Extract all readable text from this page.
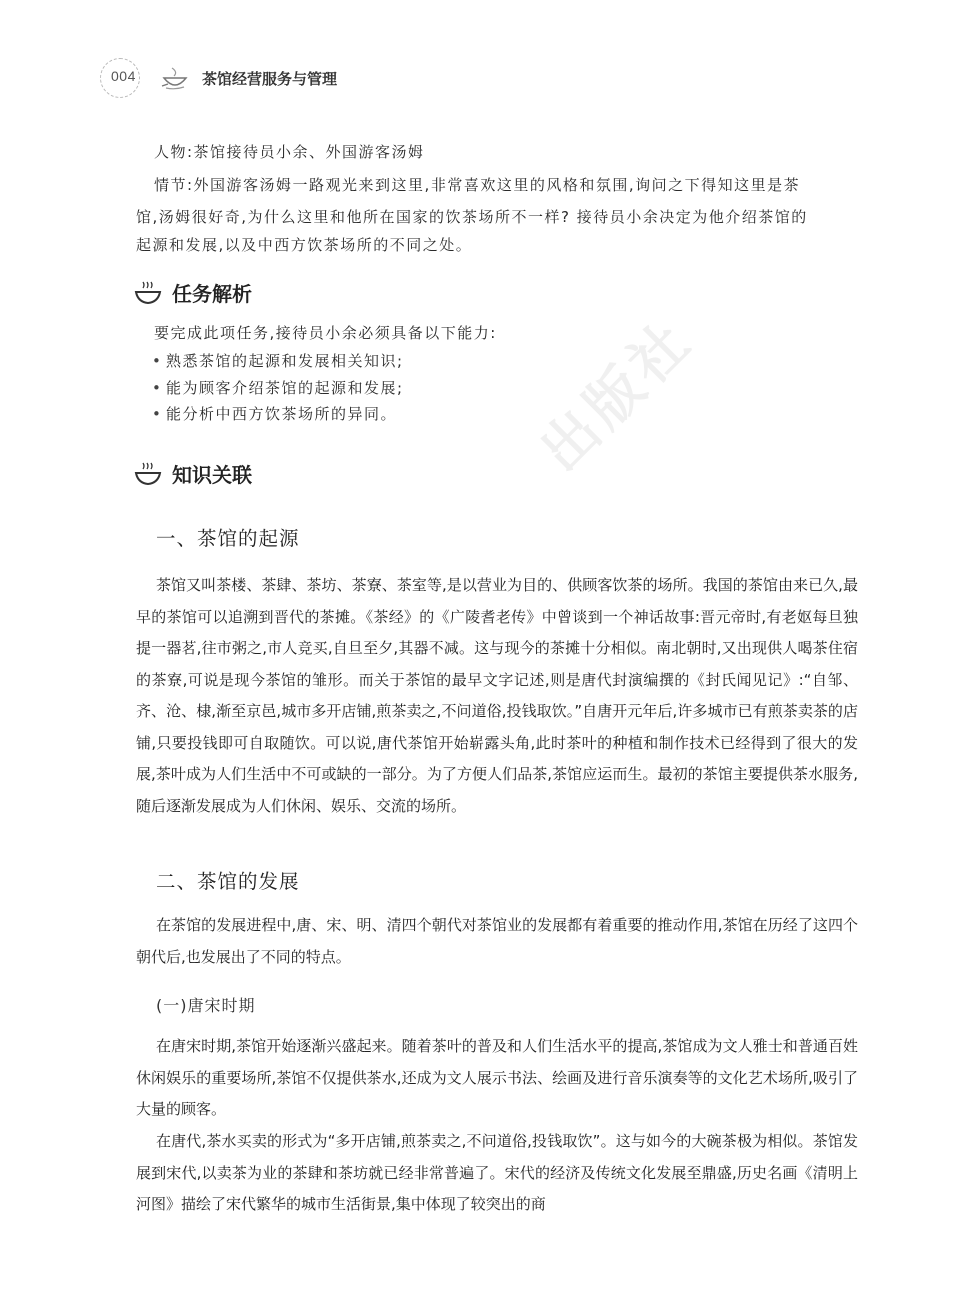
004	茶馆经营服务与管理
出版社

人物:茶馆接待员小余、外国游客汤姆

情节:外国游客汤姆一路观光来到这里,非常喜欢这里的风格和氛围,询问之下得知这里是茶

馆,汤姆很好奇,为什么这里和他所在国家的饮茶场所不一样? 接待员小余决定为他介绍茶馆的

起源和发展,以及中西方饮茶场所的不同之处。

任务解析

要完成此项任务,接待员小余必须具备以下能力:

• 熟悉茶馆的起源和发展相关知识;
• 能为顾客介绍茶馆的起源和发展;
• 能分析中西方饮茶场所的异同。
知识关联
一、茶馆的起源

茶馆又叫茶楼、茶肆、茶坊、茶寮、茶室等,是以营业为目的、供顾客饮茶的场所。我国的茶馆由来已久,最早的茶馆可以追溯到晋代的茶摊。《茶经》的《广陵耆老传》中曾谈到一个神话故事:晋元帝时,有老妪每旦独提一器茗,往市粥之,市人竞买,自旦至夕,其器不减。这与现今的茶摊十分相似。南北朝时,又出现供人喝茶住宿的茶寮,可说是现今茶馆的雏形。而关于茶馆的最早文字记述,则是唐代封演编撰的《封氏闻见记》:“自邹、齐、沧、棣,渐至京邑,城市多开店铺,煎茶卖之,不问道俗,投钱取饮。”自唐开元年后,许多城市已有煎茶卖茶的店铺,只要投钱即可自取随饮。可以说,唐代茶馆开始崭露头角,此时茶叶的种植和制作技术已经得到了很大的发展,茶叶成为人们生活中不可或缺的一部分。为了方便人们品茶,茶馆应运而生。最初的茶馆主要提供茶水服务,随后逐渐发展成为人们休闲、娱乐、交流的场所。

二、茶馆的发展

在茶馆的发展进程中,唐、宋、明、清四个朝代对茶馆业的发展都有着重要的推动作用,茶馆在历经了这四个朝代后,也发展出了不同的特点。

(一)唐宋时期

在唐宋时期,茶馆开始逐渐兴盛起来。随着茶叶的普及和人们生活水平的提高,茶馆成为文人雅士和普通百姓休闲娱乐的重要场所,茶馆不仅提供茶水,还成为文人展示书法、绘画及进行音乐演奏等的文化艺术场所,吸引了大量的顾客。

在唐代,茶水买卖的形式为“多开店铺,煎茶卖之,不问道俗,投钱取饮”。这与如今的大碗茶极为相似。茶馆发展到宋代,以卖茶为业的茶肆和茶坊就已经非常普遍了。宋代的经济及传统文化发展至鼎盛,历史名画《清明上河图》描绘了宋代繁华的城市生活街景,集中体现了较突出的商
